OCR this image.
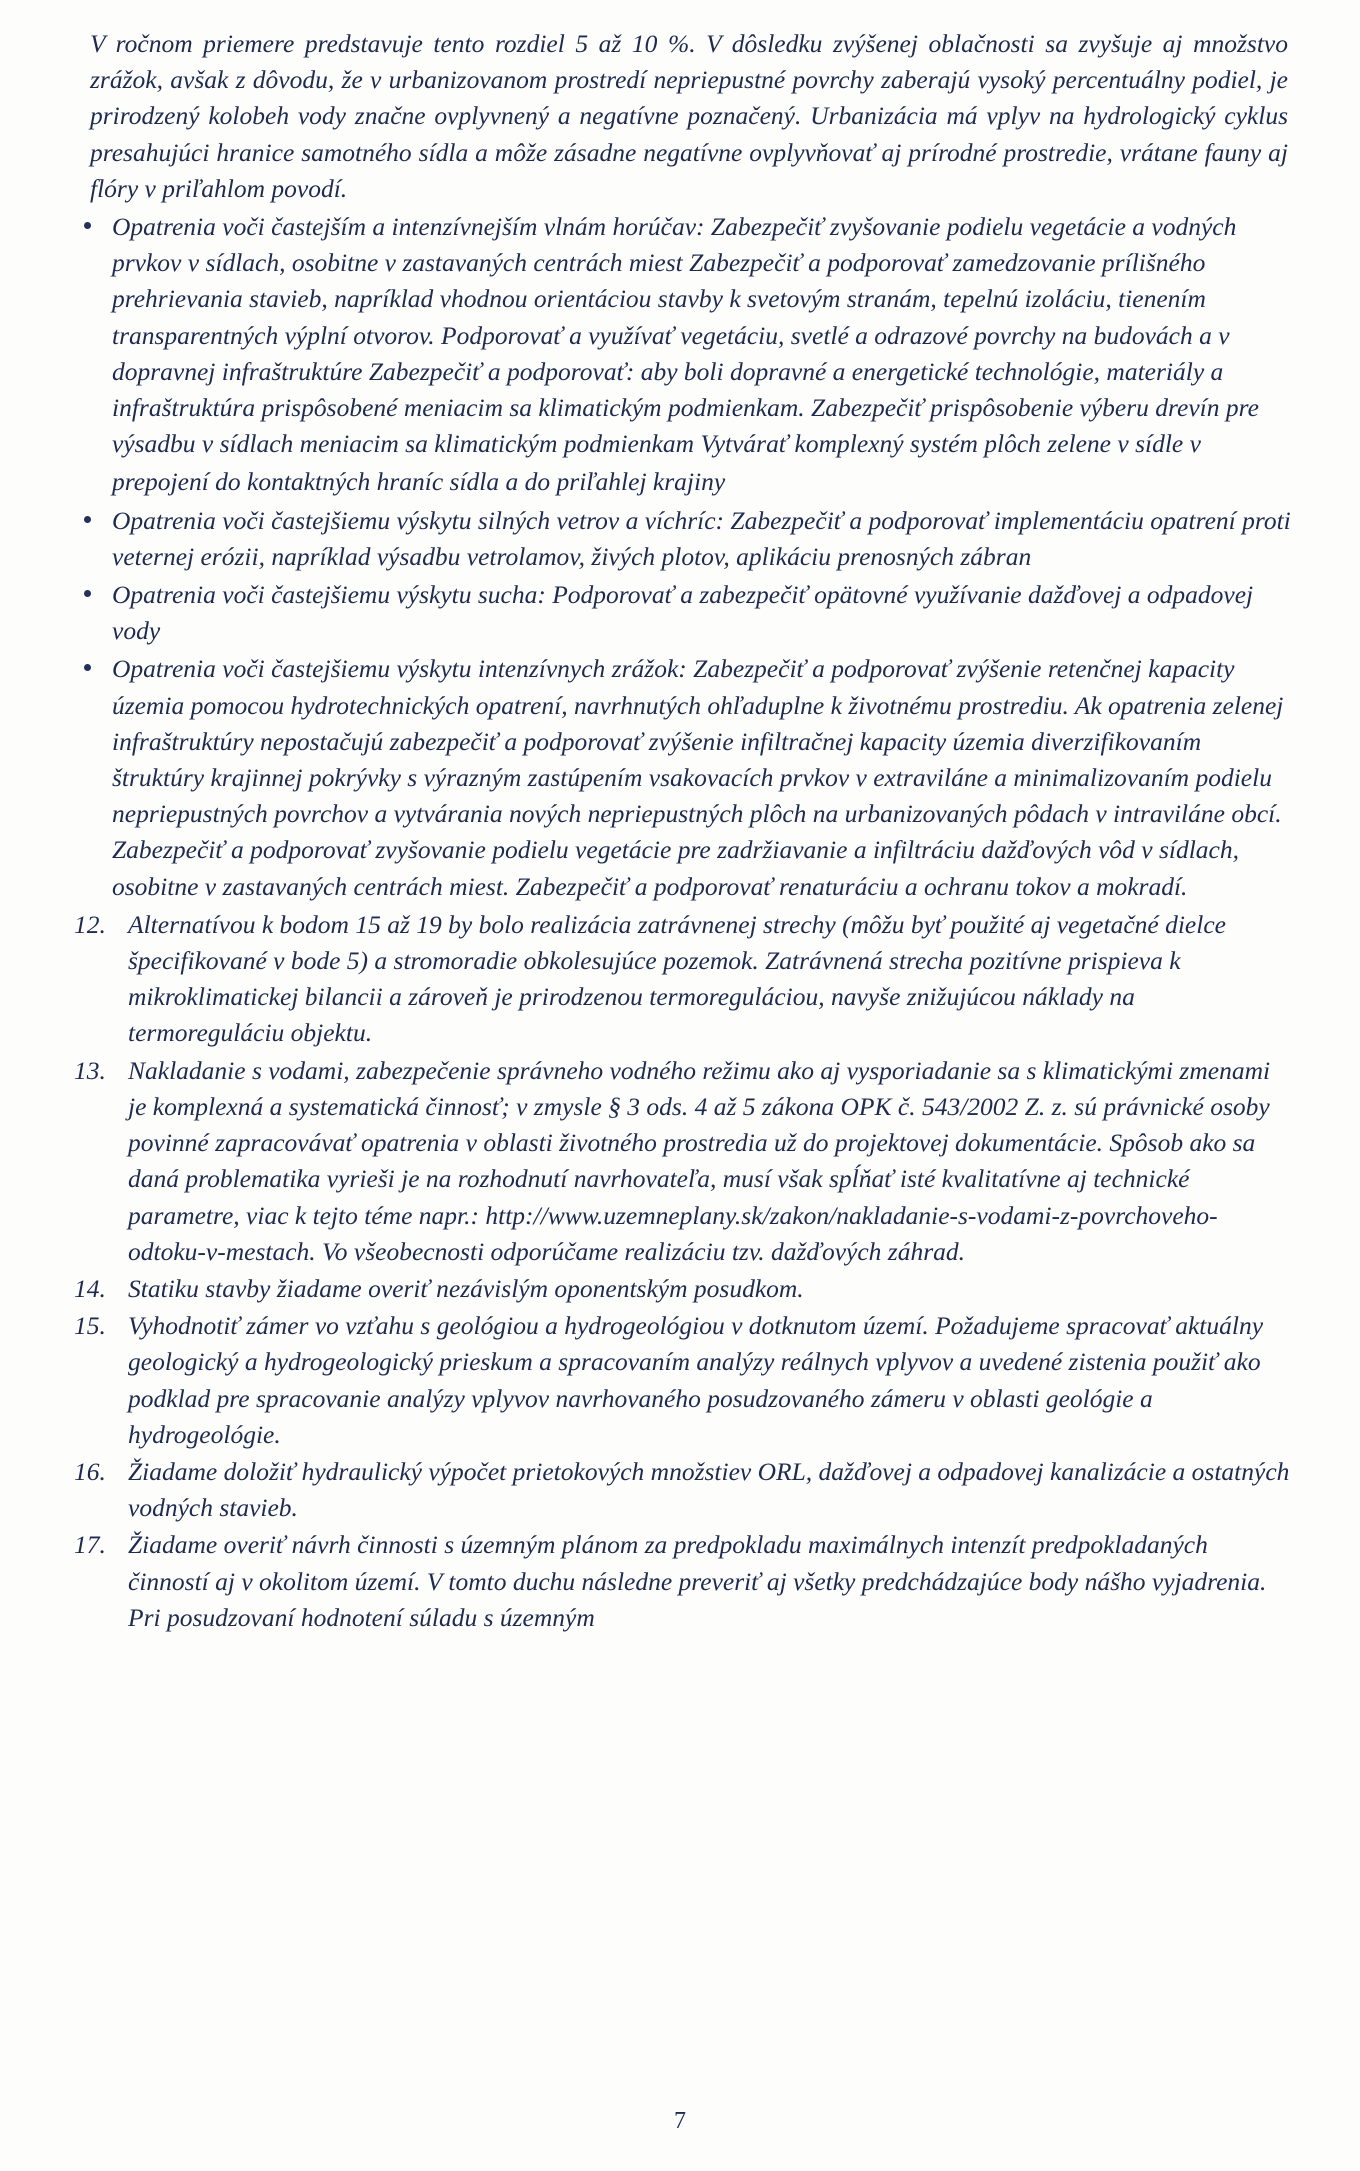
V ročnom priemere predstavuje tento rozdiel 5 až 10 %. V dôsledku zvýšenej oblačnosti sa zvyšuje aj množstvo zrážok, avšak z dôvodu, že v urbanizovanom prostredí nepriepustné povrchy zaberajú vysoký percentuálny podiel, je prirodzený kolobeh vody značne ovplyvnený a negatívne poznačený. Urbanizácia má vplyv na hydrologický cyklus presahujúci hranice samotného sídla a môže zásadne negatívne ovplyvňovať aj prírodné prostredie, vrátane fauny aj flóry v priľahlom povodí.

Opatrenia voči častejším a intenzívnejším vlnám horúčav: Zabezpečiť zvyšovanie podielu vegetácie a vodných prvkov v sídlach, osobitne v zastavaných centrách miest Zabezpečiť a podporovať zamedzovanie prílišného prehrievania stavieb, napríklad vhodnou orientáciou stavby k svetovým stranám, tepelnú izoláciu, tienením transparentných výplní otvorov. Podporovať a využívať vegetáciu, svetlé a odrazové povrchy na budovách a v dopravnej infraštruktúre Zabezpečiť a podporovať: aby boli dopravné a energetické technológie, materiály a infraštruktúra prispôsobené meniacim sa klimatickým podmienkam. Zabezpečiť prispôsobenie výberu drevín pre výsadbu v sídlach meniacim sa klimatickým podmienkam Vytvárať komplexný systém plôch zelene v sídle v
prepojení do kontaktných hraníc sídla a do priľahlej krajiny
Opatrenia voči častejšiemu výskytu silných vetrov a víchríc: Zabezpečiť a podporovať implementáciu opatrení proti veternej erózii, napríklad výsadbu vetrolamov, živých plotov, aplikáciu prenosných zábran
Opatrenia voči častejšiemu výskytu sucha: Podporovať a zabezpečiť opätovné využívanie dažďovej a odpadovej vody
Opatrenia voči častejšiemu výskytu intenzívnych zrážok: Zabezpečiť a podporovať zvýšenie retenčnej kapacity územia pomocou hydrotechnických opatrení, navrhnutých ohľaduplne k životnému prostrediu. Ak opatrenia zelenej infraštruktúry nepostačujú zabezpečiť a podporovať zvýšenie infiltračnej kapacity územia diverzifikovaním štruktúry krajinnej pokrývky s výrazným zastúpením vsakovacích prvkov v extraviláne a minimalizovaním podielu nepriepustných povrchov a vytvárania nových nepriepustných plôch na urbanizovaných pôdach v intraviláne obcí. Zabezpečiť a podporovať zvyšovanie podielu vegetácie pre zadržiavanie a infiltráciu dažďových vôd v sídlach, osobitne v zastavaných centrách miest. Zabezpečiť a podporovať renaturáciu a ochranu tokov a mokradí.
12. Alternatívou k bodom 15 až 19 by bolo realizácia zatrávnenej strechy (môžu byť použité aj vegetačné dielce špecifikované v bode 5) a stromoradie obkolesujúce pozemok. Zatrávnená strecha pozitívne prispieva k mikroklimatickej bilancii a zároveň je prirodzenou termoreguláciou, navyše znižujúcou náklady na termoreguláciu objektu.
13. Nakladanie s vodami, zabezpečenie správneho vodného režimu ako aj vysporiadanie sa s klimatickými zmenami je komplexná a systematická činnosť; v zmysle § 3 ods. 4 až 5 zákona OPK č. 543/2002 Z. z. sú právnické osoby povinné zapracovávať opatrenia v oblasti životného prostredia už do projektovej dokumentácie. Spôsob ako sa daná problematika vyrieši je na rozhodnutí navrhovateľa, musí však spĺňať isté kvalitatívne aj technické parametre, viac k tejto téme napr.: http://www.uzemneplany.sk/zakon/nakladanie-s-vodami-z-povrchoveho-odtoku-v-mestach. Vo všeobecnosti odporúčame realizáciu tzv. dažďových záhrad.
14. Statiku stavby žiadame overiť nezávislým oponentským posudkom.
15. Vyhodnotiť zámer vo vzťahu s geológiou a hydrogeológiou v dotknutom území. Požadujeme spracovať aktuálny geologický a hydrogeologický prieskum a spracovaním analýzy reálnych vplyvov a uvedené zistenia použiť ako podklad pre spracovanie analýzy vplyvov navrhovaného posudzovaného zámeru v oblasti geológie a hydrogeológie.
16. Žiadame doložiť hydraulický výpočet prietokových množstiev ORL, dažďovej a odpadovej kanalizácie a ostatných vodných stavieb.
17. Žiadame overiť návrh činnosti s územným plánom za predpokladu maximálnych intenzít predpokladaných činností aj v okolitom území. V tomto duchu následne preveriť aj všetky predchádzajúce body nášho vyjadrenia. Pri posudzovaní hodnotení súladu s územným
7
